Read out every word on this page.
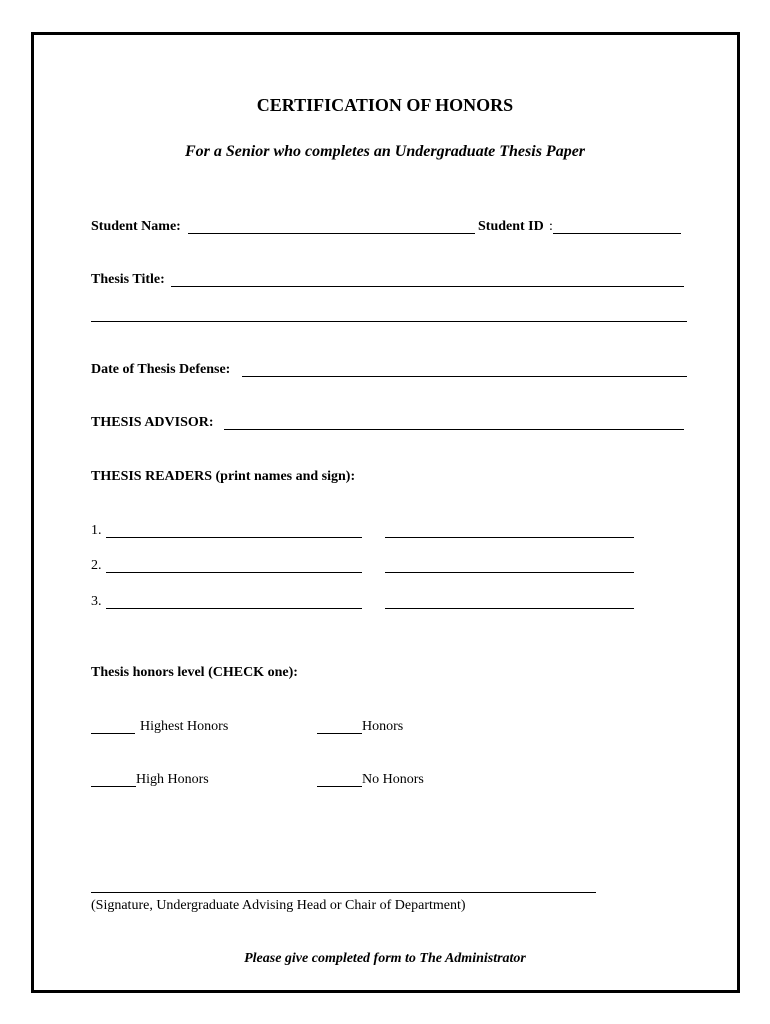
CERTIFICATION OF HONORS
For a Senior who completes an Undergraduate Thesis Paper
Student Name:	Student ID :
Thesis Title:
Date of Thesis Defense:
THESIS ADVISOR:
THESIS READERS (print names and sign):
1.
2.
3.
Thesis honors level (CHECK one):
Highest Honors	Honors
High Honors	No Honors
(Signature, Undergraduate Advising Head or Chair of Department)
Please give completed form to The Administrator
